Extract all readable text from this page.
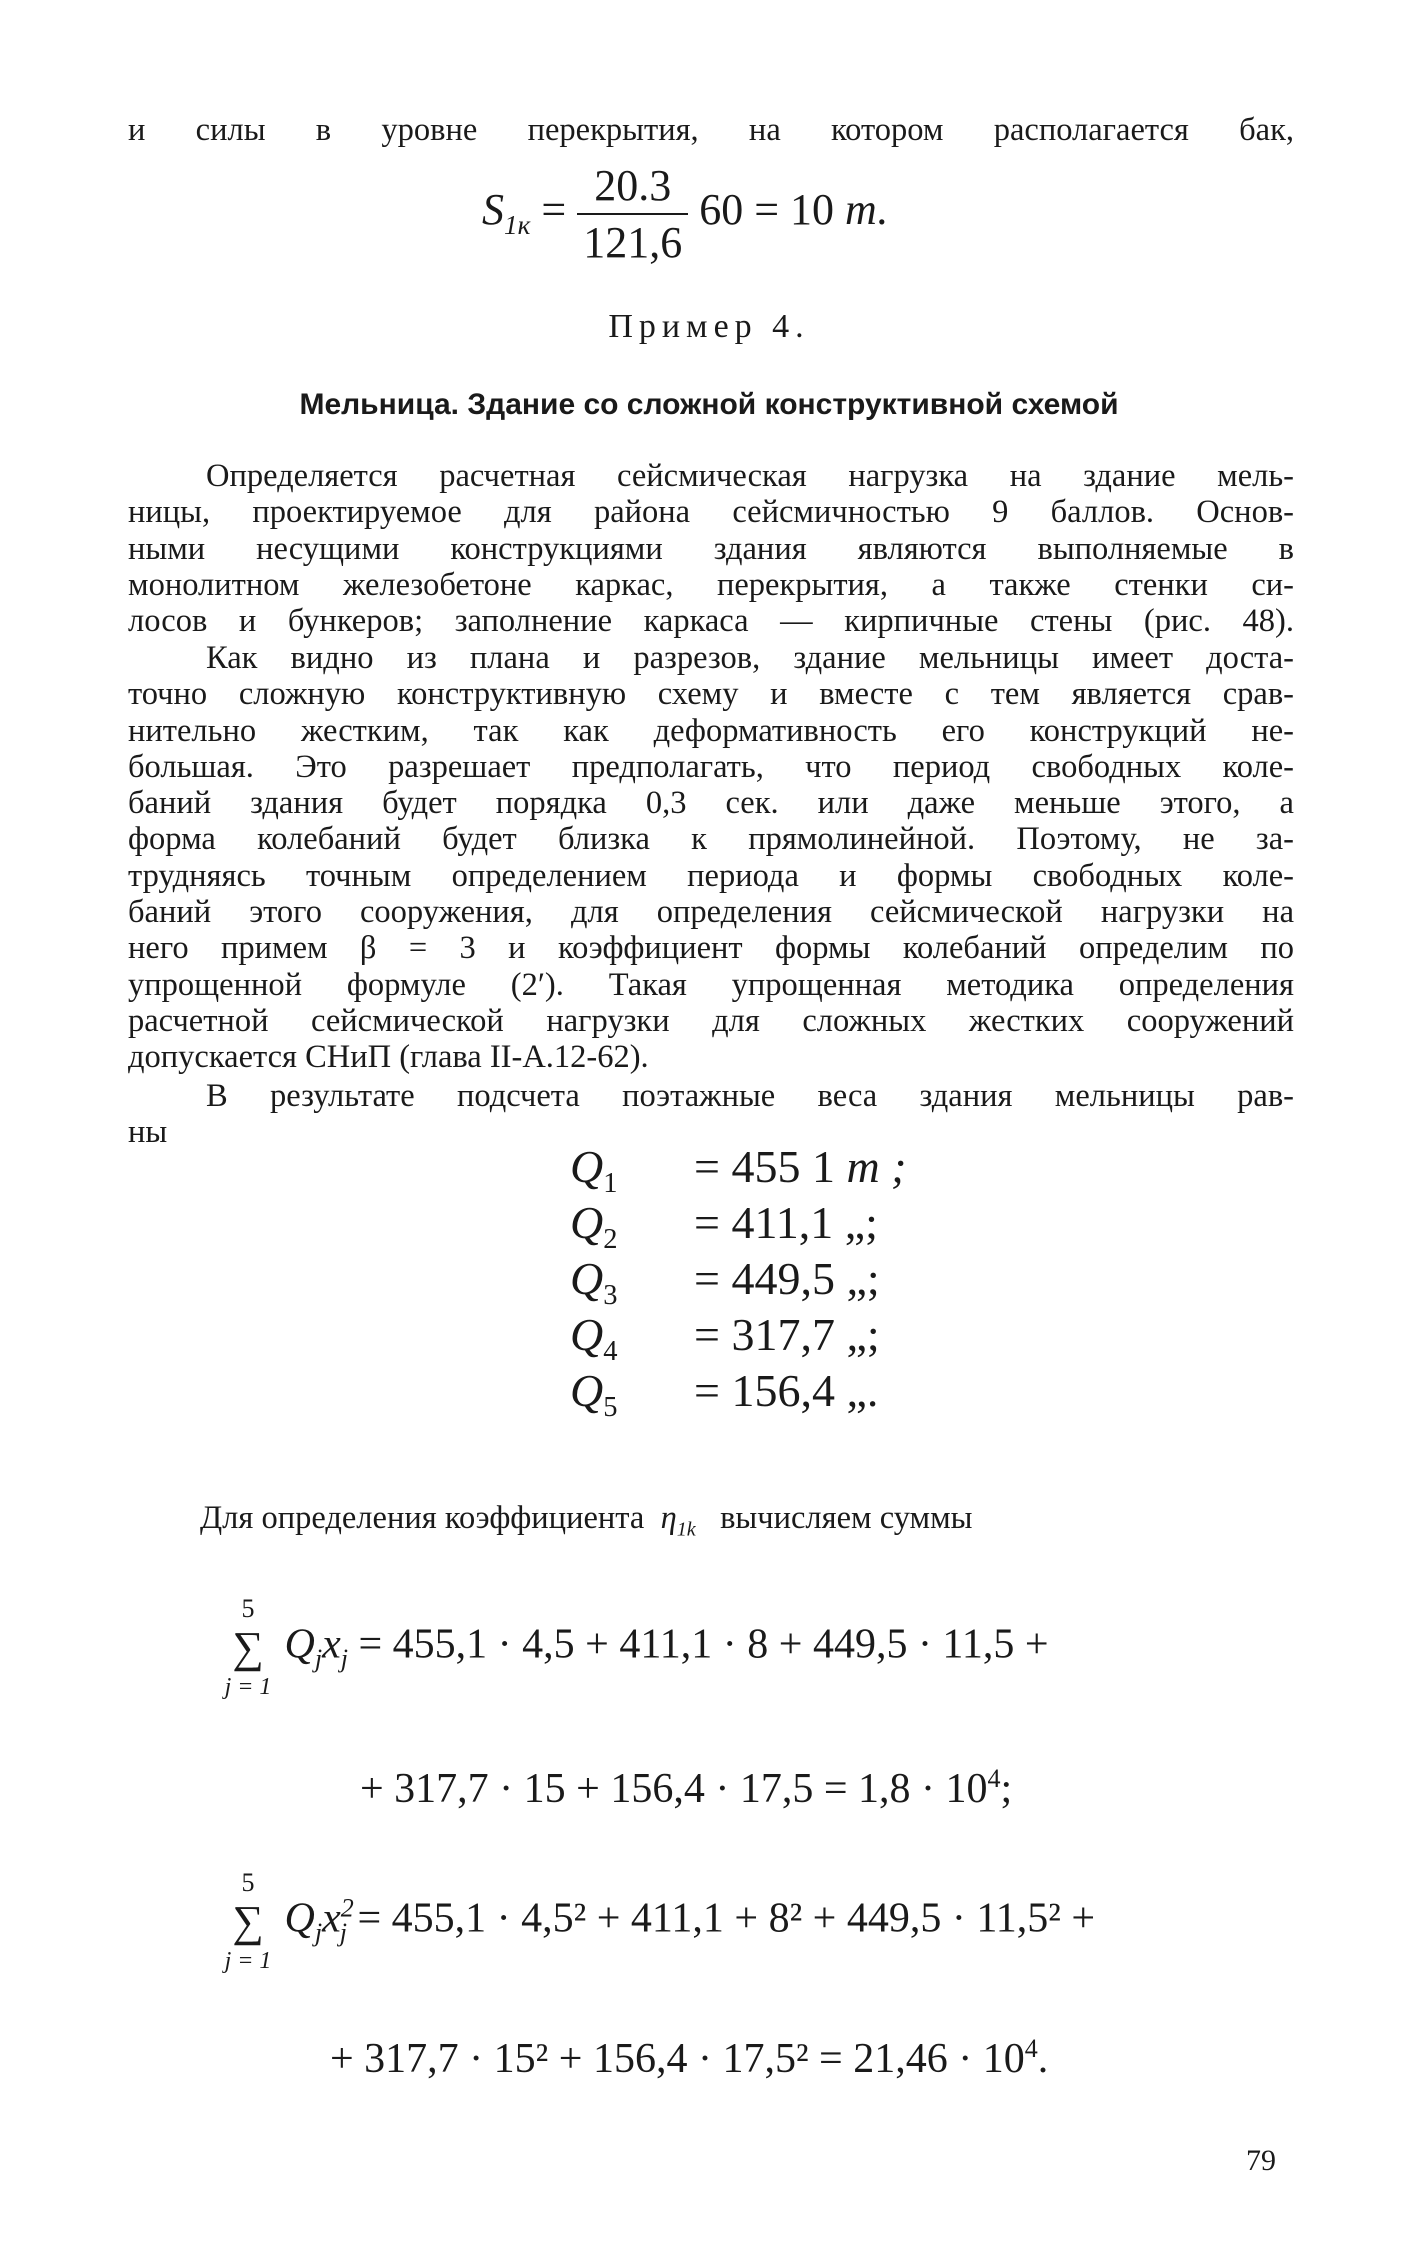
и силы в уровне перекрытия, на котором располагается бак,
$S_{1к} = \frac{20.3}{121,6} 60 = 10$ т.
Пример 4.
Мельница. Здание со сложной конструктивной схемой
Определяется расчетная сейсмическая нагрузка на здание мель-
ницы, проектируемое для района сейсмичностью 9 баллов. Основ-
ными несущими конструкциями здания являются выполняемые в
монолитном железобетоне каркас, перекрытия, а также стенки си-
лосов и бункеров; заполнение каркаса — кирпичные стены (рис. 48).
Как видно из плана и разрезов, здание мельницы имеет доста-
точно сложную конструктивную схему и вместе с тем является срав-
нительно жестким, так как деформативность его конструкций не-
большая. Это разрешает предполагать, что период свободных коле-
баний здания будет порядка 0,3 сек. или даже меньше этого, а
форма колебаний будет близка к прямолинейной. Поэтому, не за-
трудняясь точным определением периода и формы свободных коле-
баний этого сооружения, для определения сейсмической нагрузки на
него примем β = 3 и коэффициент формы колебаний определим по
упрощенной формуле (2′). Такая упрощенная методика определения
расчетной сейсмической нагрузки для сложных жестких сооружений
допускается СНиП (глава II-А.12-62).
В результате подсчета поэтажные веса здания мельницы рав-
ны
$Q_1 = 455$ 1 т ;
$Q_2 = 411,1$ „;
$Q_3 = 449,5$ „;
$Q_4 = 317,7$ „;
$Q_5 = 156,4$ „.
Для определения коэффициента $\eta_{1k}$ вычисляем суммы
5
∑
j = 1
$Q_jx_j = 455,1 \cdot 4,5 + 411,1 \cdot 8 + 449,5 \cdot 11,5$ +
+ $317,7 \cdot 15 + 156,4 \cdot 17,5 = 1,8 \cdot 10^4$;
5
∑
j = 1
$Q_jx^2_j = 455,1 \cdot 4,5^2 + 411,1 + 8^2 + 449,5 \cdot 11,5^2$ +
+ $317,7 \cdot 15^2 + 156,4 \cdot 17,5^2 = 21,46 \cdot 10^4$.
79
